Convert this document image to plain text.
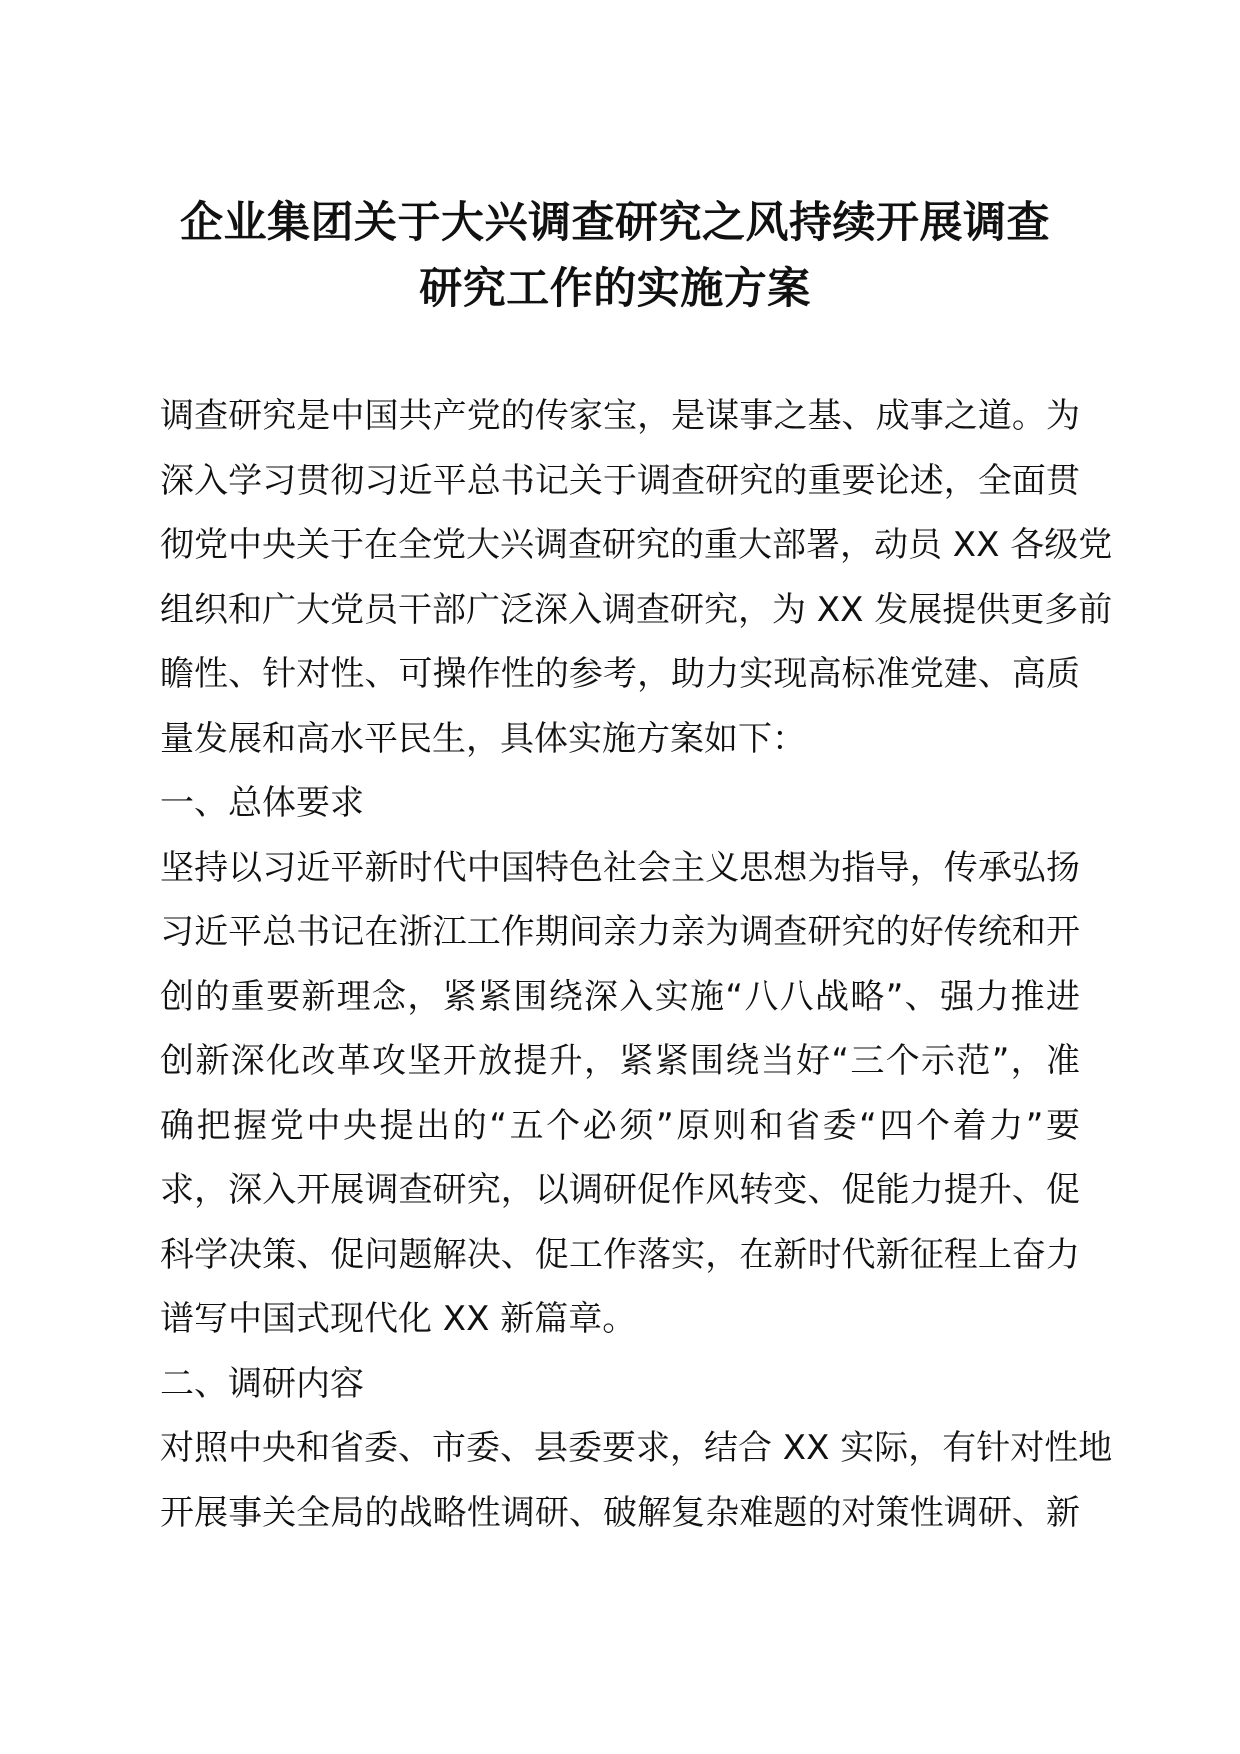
企业集团关于大兴调查研究之风持续开展调查
研究工作的实施方案
调查研究是中国共产党的传家宝，是谋事之基、成事之道。为
深入学习贯彻习近平总书记关于调查研究的重要论述，全面贯
彻党中央关于在全党大兴调查研究的重大部署，动员 XX 各级党
组织和广大党员干部广泛深入调查研究，为 XX 发展提供更多前
瞻性、针对性、可操作性的参考，助力实现高标准党建、高质
量发展和高水平民生，具体实施方案如下：
一、总体要求
坚持以习近平新时代中国特色社会主义思想为指导，传承弘扬
习近平总书记在浙江工作期间亲力亲为调查研究的好传统和开
创的重要新理念，紧紧围绕深入实施“八八战略”、强力推进
创新深化改革攻坚开放提升，紧紧围绕当好“三个示范”，准
确把握党中央提出的“五个必须”原则和省委“四个着力”要
求，深入开展调查研究，以调研促作风转变、促能力提升、促
科学决策、促问题解决、促工作落实，在新时代新征程上奋力
谱写中国式现代化 XX 新篇章。
二、调研内容
对照中央和省委、市委、县委要求，结合 XX 实际，有针对性地
开展事关全局的战略性调研、破解复杂难题的对策性调研、新
